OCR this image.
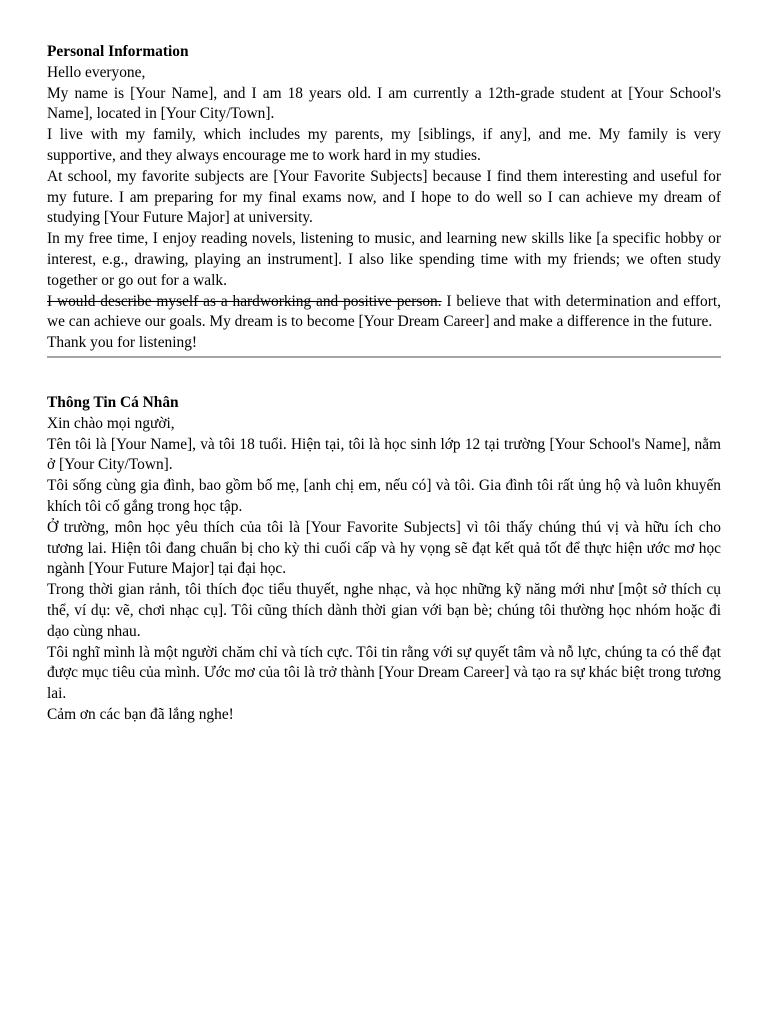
Personal Information

Hello everyone,

My name is [Your Name], and I am 18 years old. I am currently a 12th-grade student at [Your School's Name], located in [Your City/Town].

I live with my family, which includes my parents, my [siblings, if any], and me. My family is very supportive, and they always encourage me to work hard in my studies.

At school, my favorite subjects are [Your Favorite Subjects] because I find them interesting and useful for my future. I am preparing for my final exams now, and I hope to do well so I can achieve my dream of studying [Your Future Major] at university.

In my free time, I enjoy reading novels, listening to music, and learning new skills like [a specific hobby or interest, e.g., drawing, playing an instrument]. I also like spending time with my friends; we often study together or go out for a walk.

I would describe myself as a hardworking and positive person. I believe that with determination and effort, we can achieve our goals. My dream is to become [Your Dream Career] and make a difference in the future.

Thank you for listening!

Thông Tin Cá Nhân

Xin chào mọi người,

Tên tôi là [Your Name], và tôi 18 tuổi. Hiện tại, tôi là học sinh lớp 12 tại trường [Your School's Name], nằm ở [Your City/Town].

Tôi sống cùng gia đình, bao gồm bố mẹ, [anh chị em, nếu có] và tôi. Gia đình tôi rất ủng hộ và luôn khuyến khích tôi cố gắng trong học tập.

Ở trường, môn học yêu thích của tôi là [Your Favorite Subjects] vì tôi thấy chúng thú vị và hữu ích cho tương lai. Hiện tôi đang chuẩn bị cho kỳ thi cuối cấp và hy vọng sẽ đạt kết quả tốt để thực hiện ước mơ học ngành [Your Future Major] tại đại học.

Trong thời gian rảnh, tôi thích đọc tiểu thuyết, nghe nhạc, và học những kỹ năng mới như [một sở thích cụ thể, ví dụ: vẽ, chơi nhạc cụ]. Tôi cũng thích dành thời gian với bạn bè; chúng tôi thường học nhóm hoặc đi dạo cùng nhau.

Tôi nghĩ mình là một người chăm chỉ và tích cực. Tôi tin rằng với sự quyết tâm và nỗ lực, chúng ta có thể đạt được mục tiêu của mình. Ước mơ của tôi là trở thành [Your Dream Career] và tạo ra sự khác biệt trong tương lai.

Cảm ơn các bạn đã lắng nghe!
